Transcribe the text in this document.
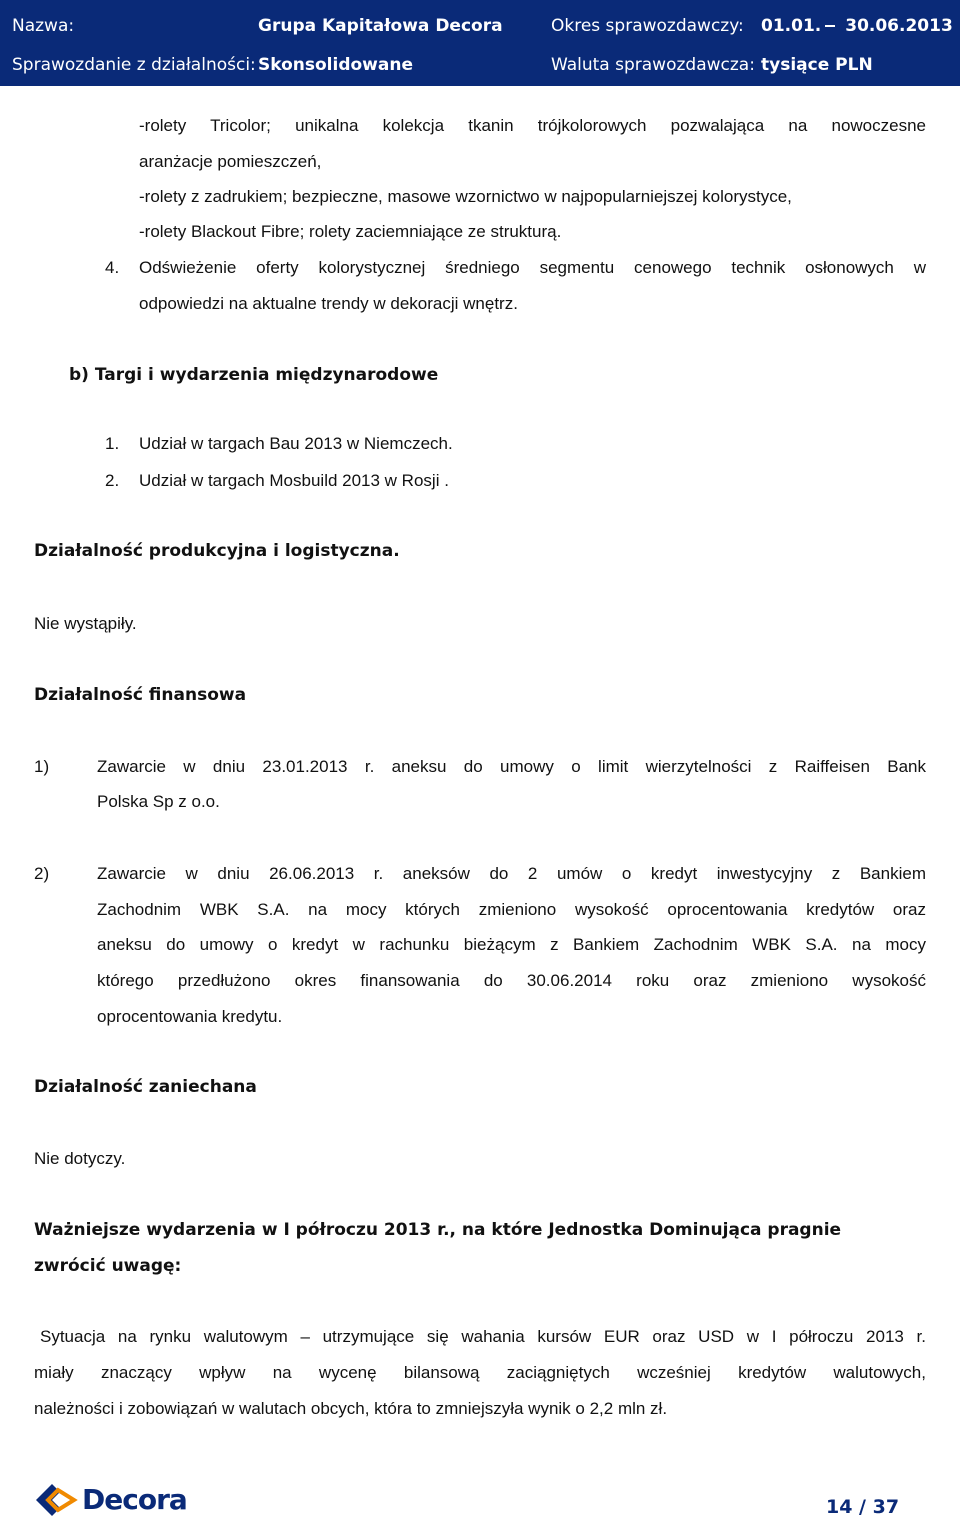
Nazwa:	Grupa Kapitałowa Decora	Okres sprawozdawczy: 01.01. 30.06.2013
Sprawozdanie z działalności: Skonsolidowane	Waluta sprawozdawcza: tysiące PLN
-rolety Tricolor; unikalna kolekcja tkanin trójkolorowych pozwalająca na nowoczesne
aranżacje pomieszczeń,
-rolety z zadrukiem; bezpieczne, masowe wzornictwo w najpopularniejszej kolorystyce,
-rolety Blackout Fibre; rolety zaciemniające ze strukturą.
4. Odświeżenie oferty kolorystycznej średniego segmentu cenowego technik osłonowych w
odpowiedzi na aktualne trendy w dekoracji wnętrz.
b) Targi i wydarzenia międzynarodowe
1. Udział w targach Bau 2013 w Niemczech.
2. Udział w targach Mosbuild 2013 w Rosji .
Działalność produkcyjna i logistyczna.
Nie wystąpiły.
Działalność finansowa
1)	Zawarcie w dniu 23.01.2013 r. aneksu do umowy o limit wierzytelności z Raiffeisen Bank
Polska Sp z o.o.
2)	Zawarcie w dniu 26.06.2013 r. aneksów do 2 umów o kredyt inwestycyjny z Bankiem
Zachodnim WBK S.A. na mocy których zmieniono wysokość oprocentowania kredytów oraz
aneksu do umowy o kredyt w rachunku bieżącym z Bankiem Zachodnim WBK S.A. na mocy
którego przedłużono okres finansowania do 30.06.2014 roku oraz zmieniono wysokość
oprocentowania kredytu.
Działalność zaniechana
Nie dotyczy.
Ważniejsze wydarzenia w I półroczu 2013 r., na które Jednostka Dominująca pragnie
zwrócić uwagę:
Sytuacja na rynku walutowym – utrzymujące się wahania kursów EUR oraz USD w I półroczu 2013 r.
miały znaczący wpływ na wycenę bilansową zaciągniętych wcześniej kredytów walutowych,
należności i zobowiązań w walutach obcych, która to zmniejszyła wynik o 2,2 mln zł.
Decora	14 / 37
